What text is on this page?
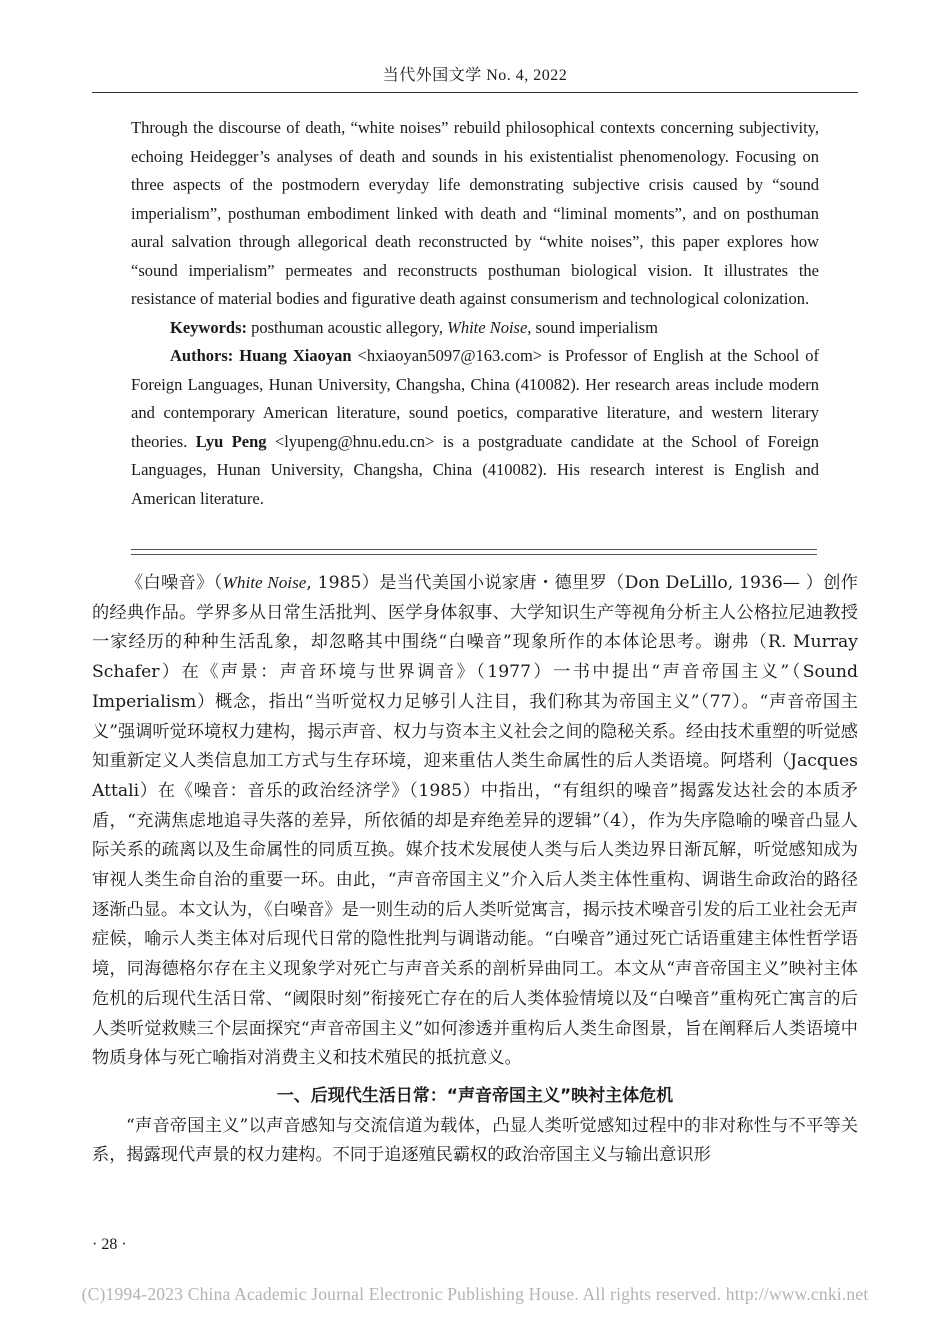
当代外国文学 No. 4, 2022

Through the discourse of death, “white noises” rebuild philosophical contexts concerning subjectivity, echoing Heidegger’s analyses of death and sounds in his existentialist phenomenology. Focusing on three aspects of the postmodern everyday life demonstrating subjective crisis caused by “sound imperialism”, posthuman embodiment linked with death and “liminal moments”, and on posthuman aural salvation through allegorical death reconstructed by “white noises”, this paper explores how “sound imperialism” permeates and reconstructs posthuman biological vision. It illustrates the resistance of material bodies and figurative death against consumerism and technological colonization.

Keywords: posthuman acoustic allegory, White Noise, sound imperialism

Authors: Huang Xiaoyan <hxiaoyan5097@163.com> is Professor of English at the School of Foreign Languages, Hunan University, Changsha, China (410082). Her research areas include modern and contemporary American literature, sound poetics, comparative literature, and western literary theories. Lyu Peng <lyupeng@hnu.edu.cn> is a postgraduate candidate at the School of Foreign Languages, Hunan University, Changsha, China (410082). His research interest is English and American literature.

《白噪音》（White Noise, 1985）是当代美国小说家唐・德里罗（Don DeLillo, 1936— ）创作的经典作品。学界多从日常生活批判、医学身体叙事、大学知识生产等视角分析主人公格拉尼迪教授一家经历的种种生活乱象，却忽略其中围绕“白噪音”现象所作的本体论思考。谢弗（R. Murray Schafer）在《声景：声音环境与世界调音》（1977）一书中提出“声音帝国主义”（Sound Imperialism）概念，指出“当听觉权力足够引人注目，我们称其为帝国主义”（77）。“声音帝国主义”强调听觉环境权力建构，揭示声音、权力与资本主义社会之间的隐秘关系。经由技术重塑的听觉感知重新定义人类信息加工方式与生存环境，迎来重估人类生命属性的后人类语境。阿塔利（Jacques Attali）在《噪音：音乐的政治经济学》（1985）中指出，“有组织的噪音”揭露发达社会的本质矛盾，“充满焦虑地追寻失落的差异，所依循的却是弃绝差异的逻辑”（4），作为失序隐喻的噪音凸显人际关系的疏离以及生命属性的同质互换。媒介技术发展使人类与后人类边界日渐瓦解，听觉感知成为审视人类生命自治的重要一环。由此，“声音帝国主义”介入后人类主体性重构、调谐生命政治的路径逐渐凸显。本文认为，《白噪音》是一则生动的后人类听觉寓言，揭示技术噪音引发的后工业社会无声症候，喻示人类主体对后现代日常的隐性批判与调谐动能。“白噪音”通过死亡话语重建主体性哲学语境，同海德格尔存在主义现象学对死亡与声音关系的剖析异曲同工。本文从“声音帝国主义”映衬主体危机的后现代生活日常、“阈限时刻”衔接死亡存在的后人类体验情境以及“白噪音”重构死亡寓言的后人类听觉救赎三个层面探究“声音帝国主义”如何渗透并重构后人类生命图景，旨在阐释后人类语境中物质身体与死亡喻指对消费主义和技术殖民的抵抗意义。

一、后现代生活日常：“声音帝国主义”映衬主体危机

“声音帝国主义”以声音感知与交流信道为载体，凸显人类听觉感知过程中的非对称性与不平等关系，揭露现代声景的权力建构。不同于追逐殖民霸权的政治帝国主义与输出意识形

· 28 ·
(C)1994-2023 China Academic Journal Electronic Publishing House. All rights reserved. http://www.cnki.net
